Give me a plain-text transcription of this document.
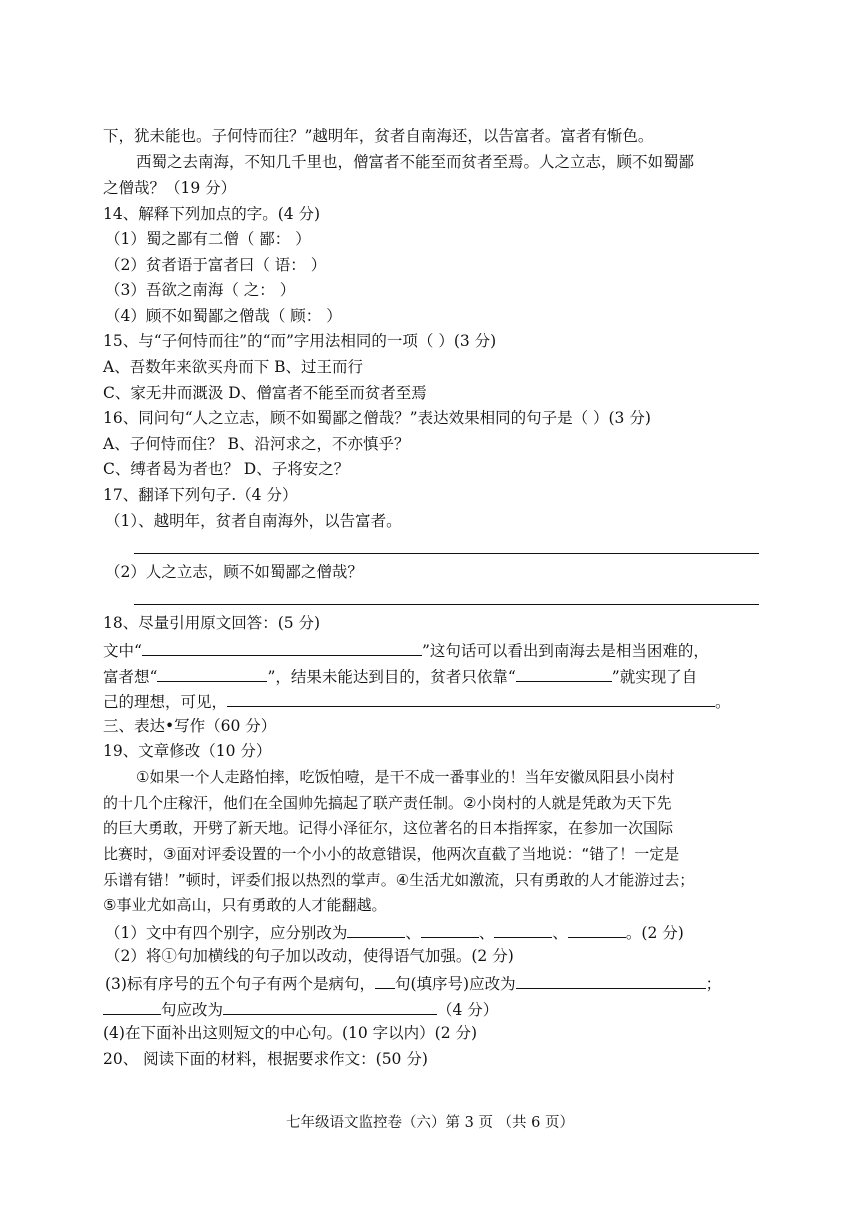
下，犹未能也。子何恃而往？”越明年，贫者自南海还，以告富者。富者有惭色。
西蜀之去南海，不知几千里也，僧富者不能至而贫者至焉。人之立志，顾不如蜀鄙
之僧哉？（19 分）
14、解释下列加点的字。(4 分)
（1）蜀之鄙有二僧（ 鄙： ）
（2）贫者语于富者曰（ 语： ）
（3）吾欲之南海（ 之： ）
（4）顾不如蜀鄙之僧哉（ 顾： ）
15、与“子何恃而往”的“而”字用法相同的一项（ ）(3 分)
A、吾数年来欲买舟而下 B、过王而行
C、家无井而溉汲 D、僧富者不能至而贫者至焉
16、同问句“人之立志，顾不如蜀鄙之僧哉？”表达效果相同的句子是（ ）(3 分)
A、子何恃而住？ B、沿河求之，不亦慎乎？
C、缚者曷为者也？ D、子将安之？
17、翻译下列句子.（4 分）
（1）、越明年，贫者自南海外，以告富者。
（2）人之立志，顾不如蜀鄙之僧哉？
18、尽量引用原文回答：(5 分)
文中“	”这句话可以看出到南海去是相当困难的，
富者想“	”，结果未能达到目的，贫者只依靠“	”就实现了自
己的理想，可见，	。
三、表达•写作（60 分）
19、文章修改（10 分）
①如果一个人走路怕摔，吃饭怕噎，是干不成一番事业的！当年安徽凤阳县小岗村
的十几个庄稼汗，他们在全国帅先搞起了联产责任制。②小岗村的人就是凭敢为天下先
的巨大勇敢，开劈了新天地。记得小泽征尔，这位著名的日本指挥家，在参加一次国际
比赛时，③面对评委设置的一个小小的故意错误，他两次直截了当地说：“错了！一定是
乐谱有错！”顿时，评委们报以热烈的掌声。④生活尤如激流，只有勇敢的人才能游过去；
⑤事业尤如高山，只有勇敢的人才能翻越。
（1）文中有四个别字，应分别改为	、	、	、	。(2 分)
（2）将①句加横线的句子加以改动，使得语气加强。(2 分)
(3)标有序号的五个句子有两个是病句， 句(填序号)应改为	；
句应改为	（4 分）
(4)在下面补出这则短文的中心句。(10 字以内）(2 分)
20、 阅读下面的材料，根据要求作文：(50 分)
七年级语文监控卷（六）第 3 页 （共 6 页）
